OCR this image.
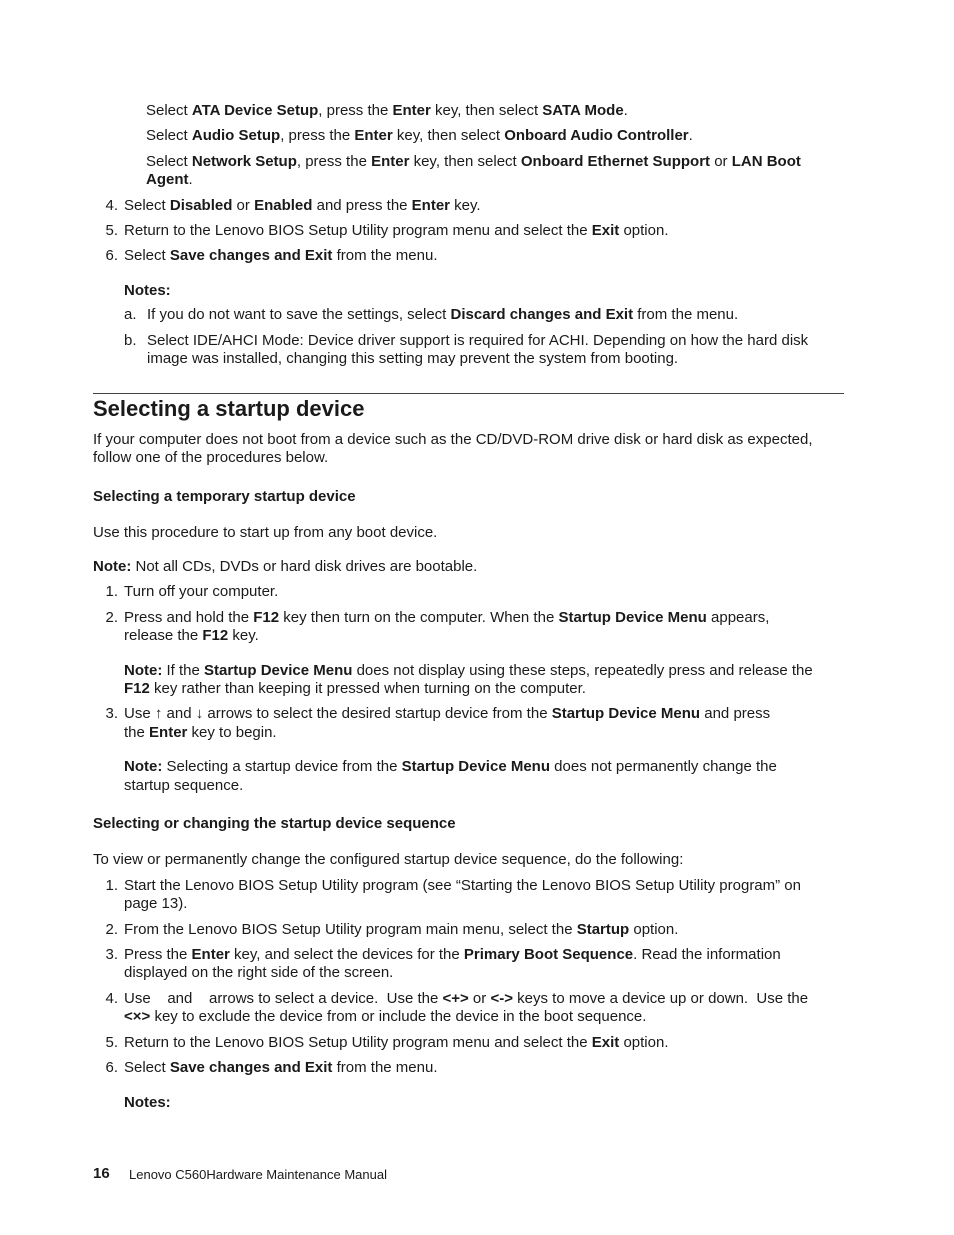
Select ATA Device Setup, press the Enter key, then select SATA Mode.
Select Audio Setup, press the Enter key, then select Onboard Audio Controller.
Select Network Setup, press the Enter key, then select Onboard Ethernet Support or LAN Boot
Agent.
4. Select Disabled or Enabled and press the Enter key.
5. Return to the Lenovo BIOS Setup Utility program menu and select the Exit option.
6. Select Save changes and Exit from the menu.
Notes:
a. If you do not want to save the settings, select Discard changes and Exit from the menu.
b. Select IDE/AHCI Mode: Device driver support is required for ACHI. Depending on how the hard disk
image was installed, changing this setting may prevent the system from booting.
Selecting a startup device
If your computer does not boot from a device such as the CD/DVD-ROM drive disk or hard disk as expected,
follow one of the procedures below.
Selecting a temporary startup device
Use this procedure to start up from any boot device.
Note: Not all CDs, DVDs or hard disk drives are bootable.
1. Turn off your computer.
2. Press and hold the F12 key then turn on the computer. When the Startup Device Menu appears,
release the F12 key.
Note: If the Startup Device Menu does not display using these steps, repeatedly press and release the
F12 key rather than keeping it pressed when turning on the computer.
3. Use ↑ and ↓ arrows to select the desired startup device from the Startup Device Menu and press
the Enter key to begin.
Note: Selecting a startup device from the Startup Device Menu does not permanently change the
startup sequence.
Selecting or changing the startup device sequence
To view or permanently change the configured startup device sequence, do the following:
1. Start the Lenovo BIOS Setup Utility program (see “Starting the Lenovo BIOS Setup Utility program” on
page 13).
2. From the Lenovo BIOS Setup Utility program main menu, select the Startup option.
3. Press the Enter key, and select the devices for the Primary Boot Sequence. Read the information
displayed on the right side of the screen.
4. Use    and    arrows to select a device.  Use the <+> or <-> keys to move a device up or down.  Use the
<×> key to exclude the device from or include the device in the boot sequence.
5. Return to the Lenovo BIOS Setup Utility program menu and select the Exit option.
6. Select Save changes and Exit from the menu.
Notes:
16 Lenovo C560Hardware Maintenance Manual
